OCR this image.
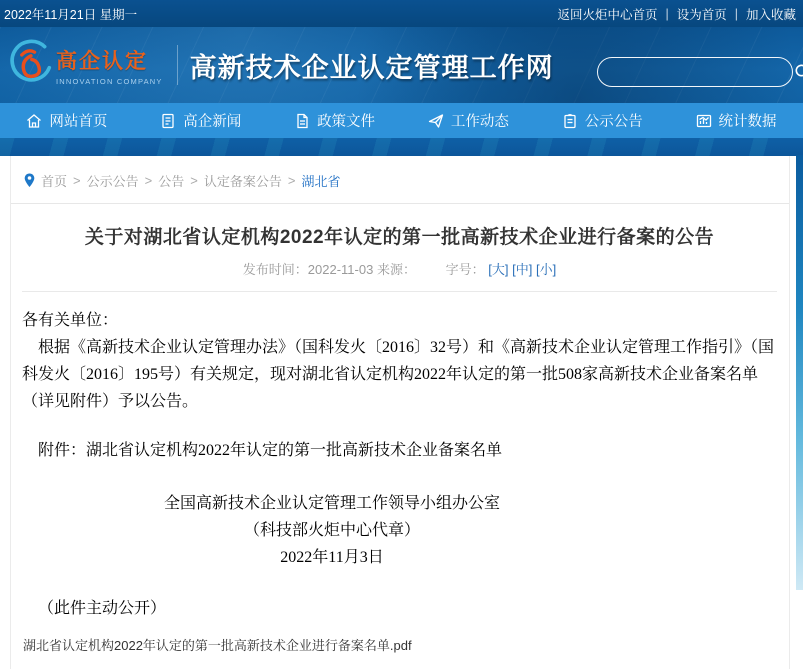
2022年11月21日 星期一	返回火炬中心首页 | 设为首页 | 加入收藏
高企认定
INNOVATION COMPANY 高新技术企业认定管理工作网
网站首页	高企新闻	政策文件	工作动态	公示公告	统计数据
首页 > 公示公告 > 公告 > 认定备案公告 > 湖北省
关于对湖北省认定机构2022年认定的第一批高新技术企业进行备案的公告
发布时间：2022-11-03 来源： 字号： [大] [中] [小]

各有关单位：

根据《高新技术企业认定管理办法》（国科发火〔2016〕32号）和《高新技术企业认定管理工作指引》（国科发火〔2016〕195号）有关规定，现对湖北省认定机构2022年认定的第一批508家高新技术企业备案名单（详见附件）予以公告。

附件：湖北省认定机构2022年认定的第一批高新技术企业备案名单

全国高新技术企业认定管理工作领导小组办公室

（科技部火炬中心代章）

2022年11月3日

（此件主动公开）

湖北省认定机构2022年认定的第一批高新技术企业进行备案名单.pdf
